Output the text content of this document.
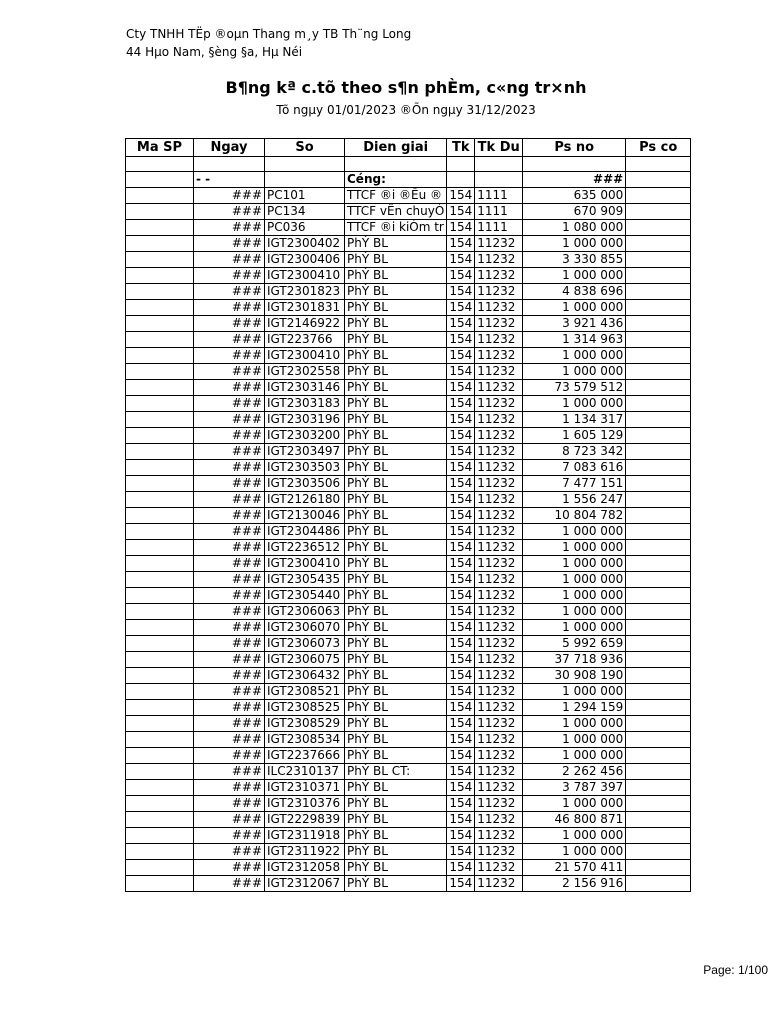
Cty TNHH TËp ®oµn Thang m¸y TB Th¨ng Long
44 Hµo Nam, §èng §a, Hµ Néi
B¶ng kª c.tõ theo s¶n phÈm, c«ng tr×nh
Tõ ngµy 01/01/2023 ®Õn ngµy 31/12/2023
Ma SP	Ngay	So	Dien giai	Tk	Tk Du	Ps no	Ps co

	- -		Céng:			###	
	###	PC101	TTCF ®i ®Êu ®	154	1111	635 000	
	###	PC134	TTCF vËn chuyÓ	154	1111	670 909	
	###	PC036	TTCF ®i kiÓm tr	154	1111	1 080 000	
	###	IGT2300402	PhÝ BL	154	11232	1 000 000	
	###	IGT2300406	PhÝ BL	154	11232	3 330 855	
	###	IGT2300410	PhÝ BL	154	11232	1 000 000	
	###	IGT2301823	PhÝ BL	154	11232	4 838 696	
	###	IGT2301831	PhÝ BL	154	11232	1 000 000	
	###	IGT2146922	PhÝ BL	154	11232	3 921 436	
	###	IGT223766	PhÝ BL	154	11232	1 314 963	
	###	IGT2300410	PhÝ BL	154	11232	1 000 000	
	###	IGT2302558	PhÝ BL	154	11232	1 000 000	
	###	IGT2303146	PhÝ BL	154	11232	73 579 512	
	###	IGT2303183	PhÝ BL	154	11232	1 000 000	
	###	IGT2303196	PhÝ BL	154	11232	1 134 317	
	###	IGT2303200	PhÝ BL	154	11232	1 605 129	
	###	IGT2303497	PhÝ BL	154	11232	8 723 342	
	###	IGT2303503	PhÝ BL	154	11232	7 083 616	
	###	IGT2303506	PhÝ BL	154	11232	7 477 151	
	###	IGT2126180	PhÝ BL	154	11232	1 556 247	
	###	IGT2130046	PhÝ BL	154	11232	10 804 782	
	###	IGT2304486	PhÝ BL	154	11232	1 000 000	
	###	IGT2236512	PhÝ BL	154	11232	1 000 000	
	###	IGT2300410	PhÝ BL	154	11232	1 000 000	
	###	IGT2305435	PhÝ BL	154	11232	1 000 000	
	###	IGT2305440	PhÝ BL	154	11232	1 000 000	
	###	IGT2306063	PhÝ BL	154	11232	1 000 000	
	###	IGT2306070	PhÝ BL	154	11232	1 000 000	
	###	IGT2306073	PhÝ BL	154	11232	5 992 659	
	###	IGT2306075	PhÝ BL	154	11232	37 718 936	
	###	IGT2306432	PhÝ BL	154	11232	30 908 190	
	###	IGT2308521	PhÝ BL	154	11232	1 000 000	
	###	IGT2308525	PhÝ BL	154	11232	1 294 159	
	###	IGT2308529	PhÝ BL	154	11232	1 000 000	
	###	IGT2308534	PhÝ BL	154	11232	1 000 000	
	###	IGT2237666	PhÝ BL	154	11232	1 000 000	
	###	ILC2310137	PhÝ BL CT:	154	11232	2 262 456	
	###	IGT2310371	PhÝ BL	154	11232	3 787 397	
	###	IGT2310376	PhÝ BL	154	11232	1 000 000	
	###	IGT2229839	PhÝ BL	154	11232	46 800 871	
	###	IGT2311918	PhÝ BL	154	11232	1 000 000	
	###	IGT2311922	PhÝ BL	154	11232	1 000 000	
	###	IGT2312058	PhÝ BL	154	11232	21 570 411	
	###	IGT2312067	PhÝ BL	154	11232	2 156 916	
Page: 1/100
